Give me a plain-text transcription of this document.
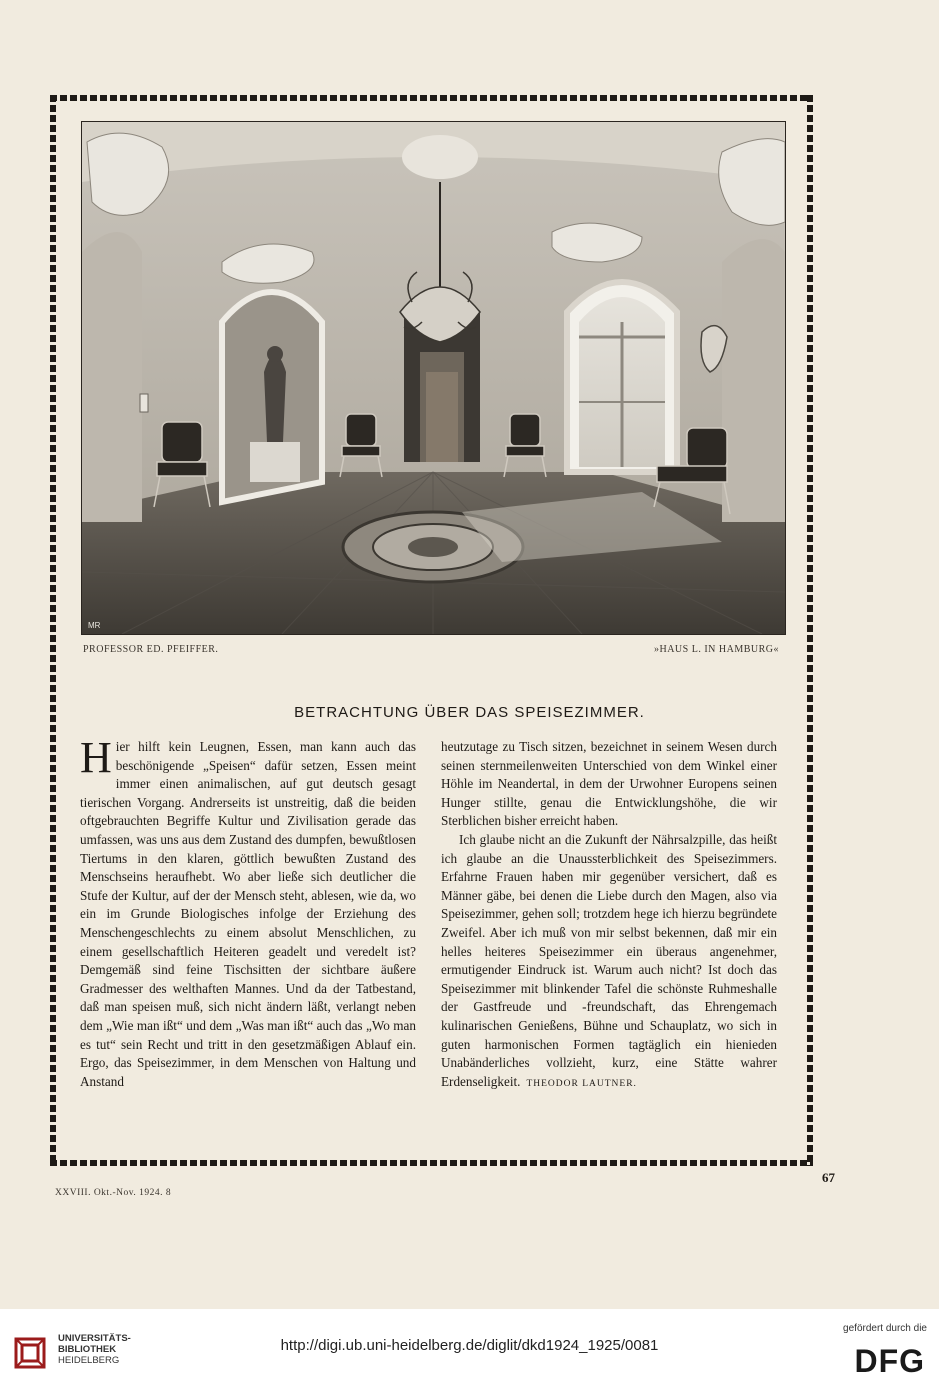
MR
PROFESSOR ED. PFEIFFER.	»HAUS L. IN HAMBURG«
BETRACHTUNG ÜBER DAS SPEISEZIMMER.

Hier hilft kein Leugnen, Essen, man kann auch das beschönigende „Speisen“ dafür setzen, Essen meint immer einen animalischen, auf gut deutsch gesagt tierischen Vorgang. Andrerseits ist unstreitig, daß die beiden oftgebrauchten Begriffe Kultur und Zivilisation gerade das umfassen, was uns aus dem Zustand des dumpfen, bewußtlosen Tiertums in den klaren, göttlich bewußten Zustand des Menschseins heraufhebt. Wo aber ließe sich deutlicher die Stufe der Kultur, auf der der Mensch steht, ablesen, wie da, wo ein im Grunde Biologisches infolge der Erziehung des Menschengeschlechts zu einem absolut Menschlichen, zu einem gesellschaftlich Heiteren geadelt und veredelt ist? Demgemäß sind feine Tischsitten der sichtbare äußere Gradmesser des welthaften Mannes. Und da der Tatbestand, daß man speisen muß, sich nicht ändern läßt, verlangt neben dem „Wie man ißt“ und dem „Was man ißt“ auch das „Wo man es tut“ sein Recht und tritt in den gesetzmäßigen Ablauf ein. Ergo, das Speisezimmer, in dem Menschen von Haltung und Anstand

heutzutage zu Tisch sitzen, bezeichnet in seinem Wesen durch seinen sternmeilenweiten Unterschied von dem Winkel einer Höhle im Neandertal, in dem der Urwohner Europens seinen Hunger stillte, genau die Entwicklungshöhe, die wir Sterblichen bisher erreicht haben.

Ich glaube nicht an die Zukunft der Nährsalzpille, das heißt ich glaube an die Unaussterblichkeit des Speisezimmers. Erfahrne Frauen haben mir gegenüber versichert, daß es Männer gäbe, bei denen die Liebe durch den Magen, also via Speisezimmer, gehen soll; trotzdem hege ich hierzu begründete Zweifel. Aber ich muß von mir selbst bekennen, daß mir ein helles heiteres Speisezimmer ein überaus angenehmer, ermutigender Eindruck ist. Warum auch nicht? Ist doch das Speisezimmer mit blinkender Tafel die schönste Ruhmeshalle der Gastfreude und -freundschaft, das Ehrengemach kulinarischen Genießens, Bühne und Schauplatz, wo sich in guten harmonischen Formen tagtäglich ein hienieden Unabänderliches vollzieht, kurz, eine Stätte wahrer Erdenseligkeit. THEODOR LAUTNER.

67
XXVIII. Okt.-Nov. 1924. 8
UNIVERSITÄTS-
BIBLIOTHEK
HEIDELBERG
http://digi.ub.uni-heidelberg.de/diglit/dkd1924_1925/0081
gefördert durch die
DFG
